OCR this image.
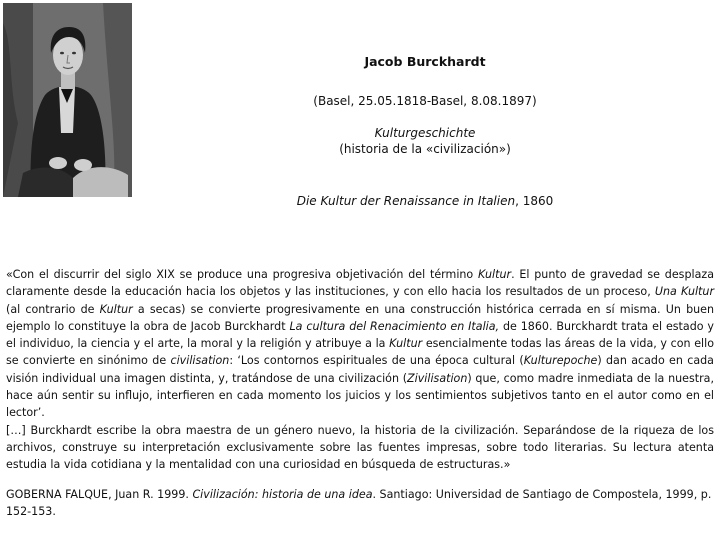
Jacob Burckhardt
(Basel, 25.05.1818-Basel, 8.08.1897)
Kulturgeschichte
(historia de la «civilización»)
Die Kultur der Renaissance in Italien, 1860

«Con el discurrir del siglo XIX se produce una progresiva objetivación del término Kultur. El punto de gravedad se desplaza claramente desde la educación hacia los objetos y las instituciones, y con ello hacia los resultados de un proceso, Una Kultur (al contrario de Kultur a secas) se convierte progresivamente en una construcción histórica cerrada en sí misma. Un buen ejemplo lo constituye la obra de Jacob Burckhardt La cultura del Renacimiento en Italia, de 1860. Burckhardt trata el estado y el individuo, la ciencia y el arte, la moral y la religión y atribuye a la Kultur esencialmente todas las áreas de la vida, y con ello se convierte en sinónimo de civilisation: ‘Los contornos espirituales de una época cultural (Kulturepoche) dan acado en cada visión individual una imagen distinta, y, tratándose de una civilización (Zivilisation) que, como madre inmediata de la nuestra, hace aún sentir su influjo, interfieren en cada momento los juicios y los sentimientos subjetivos tanto en el autor como en el lector’.

[…] Burckhardt escribe la obra maestra de un género nuevo, la historia de la civilización. Separándose de la riqueza de los archivos, construye su interpretación exclusivamente sobre las fuentes impresas, sobre todo literarias. Su lectura atenta estudia la vida cotidiana y la mentalidad con una curiosidad en búsqueda de estructuras.»

GOBERNA FALQUE, Juan R. 1999. Civilización: historia de una idea. Santiago: Universidad de Santiago de Compostela, 1999, p. 152-153.
